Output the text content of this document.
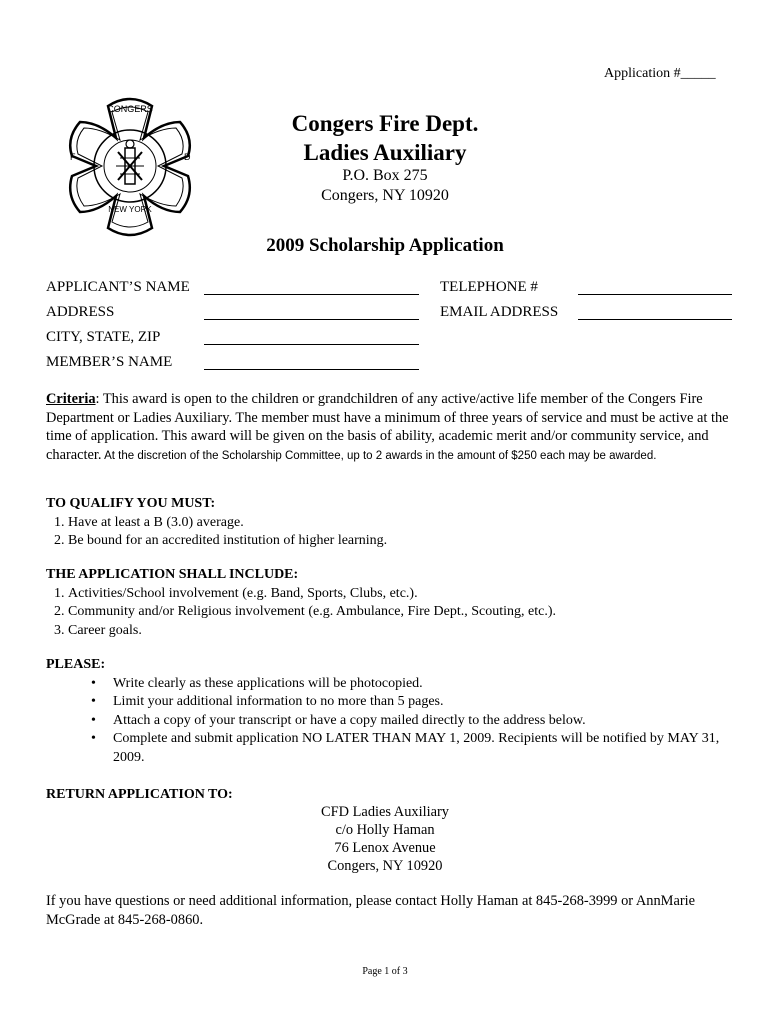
Application #_____
CONGERS
NEW YORK
F	D
Congers Fire Dept.
Ladies Auxiliary
P.O. Box 275
Congers, NY 10920
2009 Scholarship Application
APPLICANT’S NAME	TELEPHONE #
ADDRESS	EMAIL ADDRESS
CITY, STATE, ZIP
MEMBER’S NAME
Criteria: This award is open to the children or grandchildren of any active/active life member of the Congers Fire Department or Ladies Auxiliary. The member must have a minimum of three years of service and must be active at the time of application. This award will be given on the basis of ability, academic merit and/or community service, and character. At the discretion of the Scholarship Committee, up to 2 awards in the amount of $250 each may be awarded.
TO QUALIFY YOU MUST:
1. Have at least a B (3.0) average.
2. Be bound for an accredited institution of higher learning.
THE APPLICATION SHALL INCLUDE:
1. Activities/School involvement (e.g. Band, Sports, Clubs, etc.).
2. Community and/or Religious involvement (e.g. Ambulance, Fire Dept., Scouting, etc.).
3. Career goals.
PLEASE:
• Write clearly as these applications will be photocopied.
• Limit your additional information to no more than 5 pages.
• Attach a copy of your transcript or have a copy mailed directly to the address below.
• Complete and submit application NO LATER THAN MAY 1, 2009. Recipients will be notified by MAY 31, 2009.
RETURN APPLICATION TO:
CFD Ladies Auxiliary
c/o Holly Haman
76 Lenox Avenue
Congers, NY 10920
If you have questions or need additional information, please contact Holly Haman at 845-268-3999 or AnnMarie McGrade at 845-268-0860.
Page 1 of 3
